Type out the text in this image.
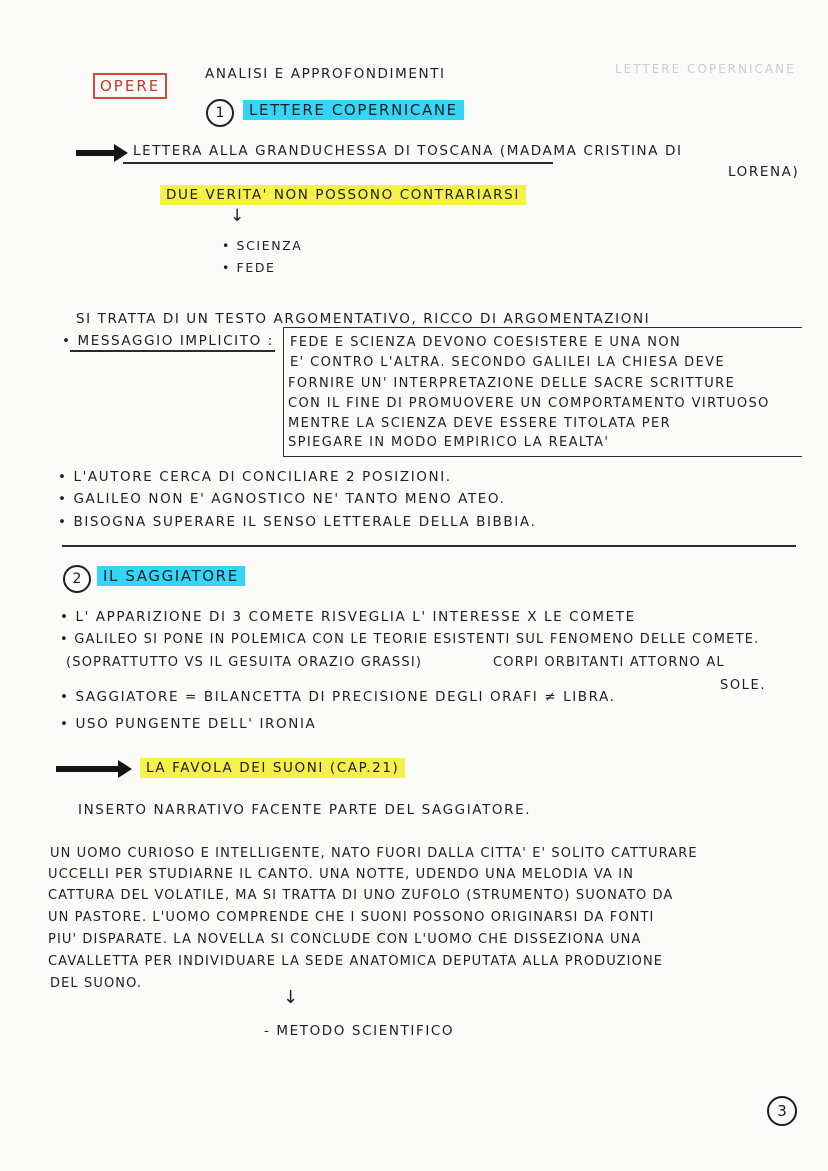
LETTERE COPERNICANE
OPERE
ANALISI E APPROFONDIMENTI
1	LETTERE COPERNICANE
LETTERA ALLA GRANDUCHESSA DI TOSCANA (MADAMA CRISTINA DI
LORENA)
DUE VERITA' NON POSSONO CONTRARIARSI
↓
• SCIENZA
• FEDE
SI TRATTA DI UN TESTO ARGOMENTATIVO, RICCO DI ARGOMENTAZIONI
• MESSAGGIO IMPLICITO : FEDE E SCIENZA DEVONO COESISTERE E UNA NON
E' CONTRO L'ALTRA. SECONDO GALILEI LA CHIESA DEVE
FORNIRE UN' INTERPRETAZIONE DELLE SACRE SCRITTURE
CON IL FINE DI PROMUOVERE UN COMPORTAMENTO VIRTUOSO
MENTRE LA SCIENZA DEVE ESSERE TITOLATA PER
SPIEGARE IN MODO EMPIRICO LA REALTA'
• L'AUTORE CERCA DI CONCILIARE 2 POSIZIONI.
• GALILEO NON E' AGNOSTICO NE' TANTO MENO ATEO.
• BISOGNA SUPERARE IL SENSO LETTERALE DELLA BIBBIA.
2	IL SAGGIATORE
• L' APPARIZIONE DI 3 COMETE RISVEGLIA L' INTERESSE X LE COMETE
• GALILEO SI PONE IN POLEMICA CON LE TEORIE ESISTENTI SUL FENOMENO DELLE COMETE.
(SOPRATTUTTO VS IL GESUITA ORAZIO GRASSI)	CORPI ORBITANTI ATTORNO AL
SOLE.
• SAGGIATORE = BILANCETTA DI PRECISIONE DEGLI ORAFI ≠ LIBRA.
• USO PUNGENTE DELL' IRONIA
LA FAVOLA DEI SUONI (CAP.21)
INSERTO NARRATIVO FACENTE PARTE DEL SAGGIATORE.
UN UOMO CURIOSO E INTELLIGENTE, NATO FUORI DALLA CITTA' E' SOLITO CATTURARE
UCCELLI PER STUDIARNE IL CANTO. UNA NOTTE, UDENDO UNA MELODIA VA IN
CATTURA DEL VOLATILE, MA SI TRATTA DI UNO ZUFOLO (STRUMENTO) SUONATO DA
UN PASTORE. L'UOMO COMPRENDE CHE I SUONI POSSONO ORIGINARSI DA FONTI
PIU' DISPARATE. LA NOVELLA SI CONCLUDE CON L'UOMO CHE DISSEZIONA UNA
CAVALLETTA PER INDIVIDUARE LA SEDE ANATOMICA DEPUTATA ALLA PRODUZIONE
DEL SUONO.
↓
- METODO SCIENTIFICO
3
